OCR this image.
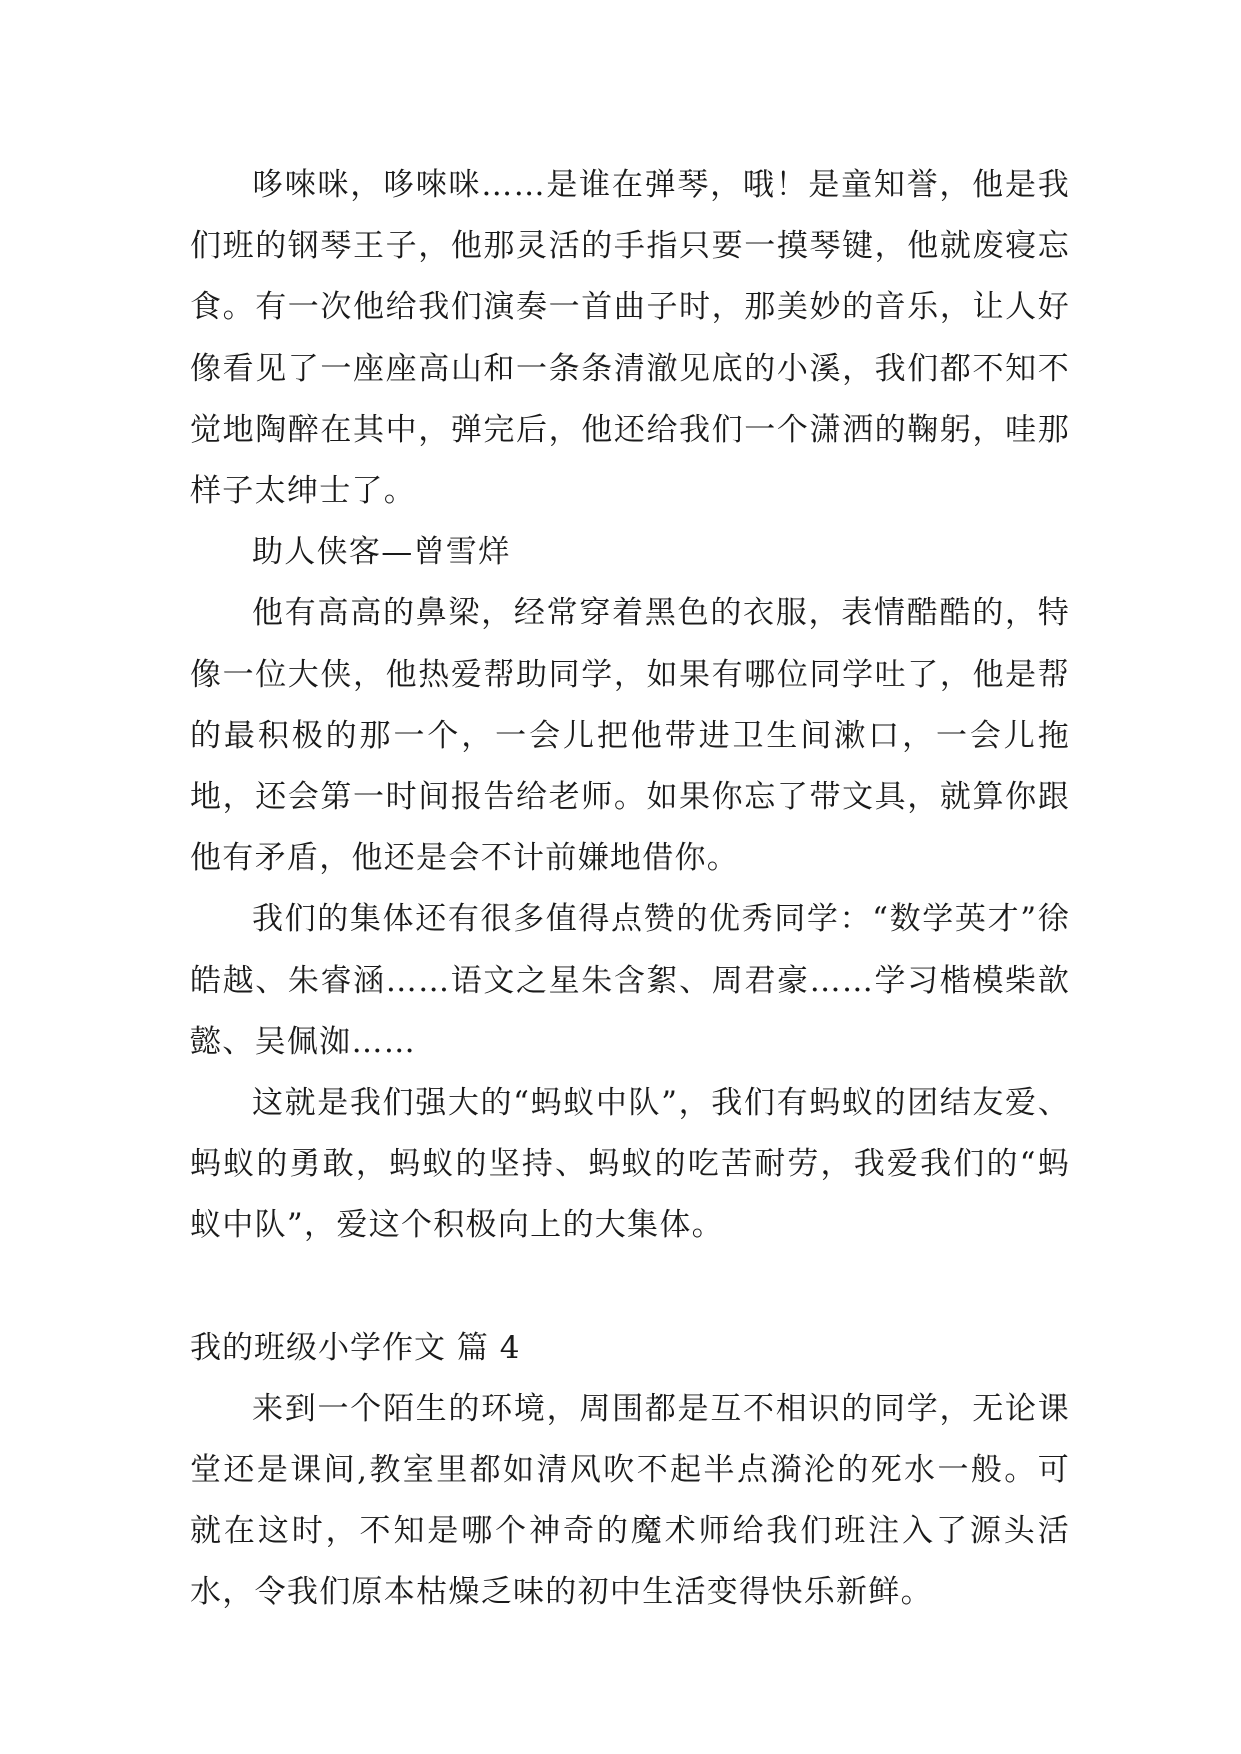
哆唻咪，哆唻咪……是谁在弹琴，哦！是童知誉，他是我们班的钢琴王子，他那灵活的手指只要一摸琴键，他就废寝忘食。有一次他给我们演奏一首曲子时，那美妙的音乐，让人好像看见了一座座高山和一条条清澈见底的小溪，我们都不知不觉地陶醉在其中，弹完后，他还给我们一个潇洒的鞠躬，哇那样子太绅士了。

助人侠客—曾雪烊

他有高高的鼻梁，经常穿着黑色的衣服，表情酷酷的，特像一位大侠，他热爱帮助同学，如果有哪位同学吐了，他是帮的最积极的那一个，一会儿把他带进卫生间漱口，一会儿拖地，还会第一时间报告给老师。如果你忘了带文具，就算你跟他有矛盾，他还是会不计前嫌地借你。

我们的集体还有很多值得点赞的优秀同学：“数学英才”徐皓越、朱睿涵……语文之星朱含絮、周君豪……学习楷模柴歆懿、吴佩洳……

这就是我们强大的“蚂蚁中队”，我们有蚂蚁的团结友爱、蚂蚁的勇敢，蚂蚁的坚持、蚂蚁的吃苦耐劳，我爱我们的“蚂蚁中队”，爱这个积极向上的大集体。

我的班级小学作文 篇 4

来到一个陌生的环境，周围都是互不相识的同学，无论课堂还是课间,教室里都如清风吹不起半点漪沦的死水一般。可就在这时，不知是哪个神奇的魔术师给我们班注入了源头活水，令我们原本枯燥乏味的初中生活变得快乐新鲜。
